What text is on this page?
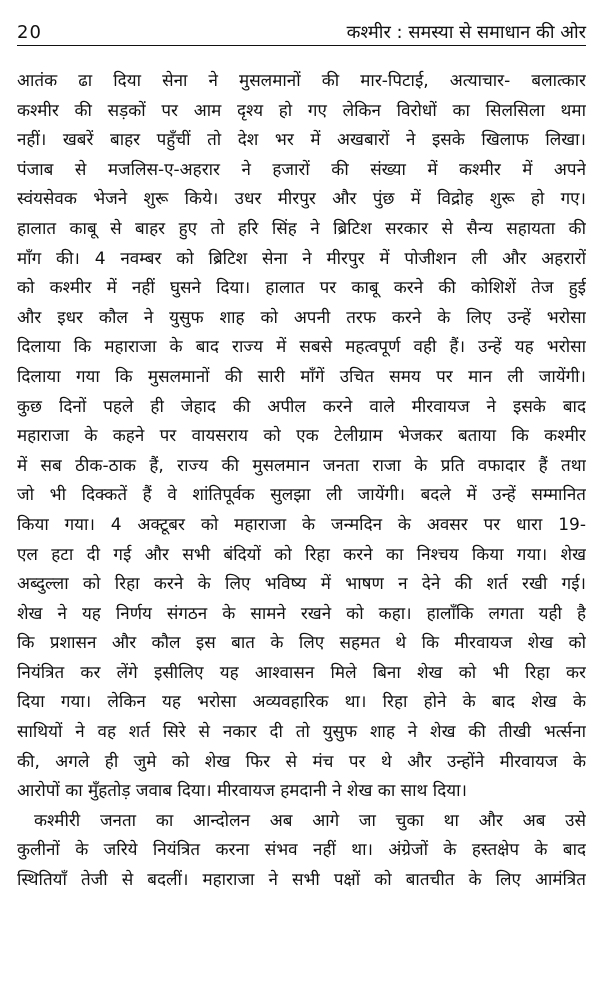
20	कश्मीर : समस्या से समाधान की ओर
आतंक ढा दिया सेना ने मुसलमानों की मार-पिटाई, अत्याचार- बलात्कार
कश्मीर की सड़कों पर आम दृश्य हो गए लेकिन विरोधों का सिलसिला थमा
नहीं। खबरें बाहर पहुँचीं तो देश भर में अखबारों ने इसके खिलाफ लिखा।
पंजाब से मजलिस-ए-अहरार ने हजारों की संख्या में कश्मीर में अपने
स्वंयसेवक भेजने शुरू किये। उधर मीरपुर और पुंछ में विद्रोह शुरू हो गए।
हालात काबू से बाहर हुए तो हरि सिंह ने ब्रिटिश सरकार से सैन्य सहायता की
माँग की। 4 नवम्बर को ब्रिटिश सेना ने मीरपुर में पोजीशन ली और अहरारों
को कश्मीर में नहीं घुसने दिया। हालात पर काबू करने की कोशिशें तेज हुई
और इधर कौल ने युसुफ शाह को अपनी तरफ करने के लिए उन्हें भरोसा
दिलाया कि महाराजा के बाद राज्य में सबसे महत्वपूर्ण वही हैं। उन्हें यह भरोसा
दिलाया गया कि मुसलमानों की सारी माँगें उचित समय पर मान ली जायेंगी।
कुछ दिनों पहले ही जेहाद की अपील करने वाले मीरवायज ने इसके बाद
महाराजा के कहने पर वायसराय को एक टेलीग्राम भेजकर बताया कि कश्मीर
में सब ठीक-ठाक हैं, राज्य की मुसलमान जनता राजा के प्रति वफादार हैं तथा
जो भी दिक्कतें हैं वे शांतिपूर्वक सुलझा ली जायेंगी। बदले में उन्हें सम्मानित
किया गया। 4 अक्टूबर को महाराजा के जन्मदिन के अवसर पर धारा 19-
एल हटा दी गई और सभी बंदियों को रिहा करने का निश्चय किया गया। शेख
अब्दुल्ला को रिहा करने के लिए भविष्य में भाषण न देने की शर्त रखी गई।
शेख ने यह निर्णय संगठन के सामने रखने को कहा। हालाँकि लगता यही है
कि प्रशासन और कौल इस बात के लिए सहमत थे कि मीरवायज शेख को
नियंत्रित कर लेंगे इसीलिए यह आश्वासन मिले बिना शेख को भी रिहा कर
दिया गया। लेकिन यह भरोसा अव्यवहारिक था। रिहा होने के बाद शेख के
साथियों ने वह शर्त सिरे से नकार दी तो युसुफ शाह ने शेख की तीखी भर्त्सना
की, अगले ही जुमे को शेख फिर से मंच पर थे और उन्होंने मीरवायज के
आरोपों का मुँहतोड़ जवाब दिया। मीरवायज हमदानी ने शेख का साथ दिया।
कश्मीरी जनता का आन्दोलन अब आगे जा चुका था और अब उसे
कुलीनों के जरिये नियंत्रित करना संभव नहीं था। अंग्रेजों के हस्तक्षेप के बाद
स्थितियाँ तेजी से बदलीं। महाराजा ने सभी पक्षों को बातचीत के लिए आमंत्रित
